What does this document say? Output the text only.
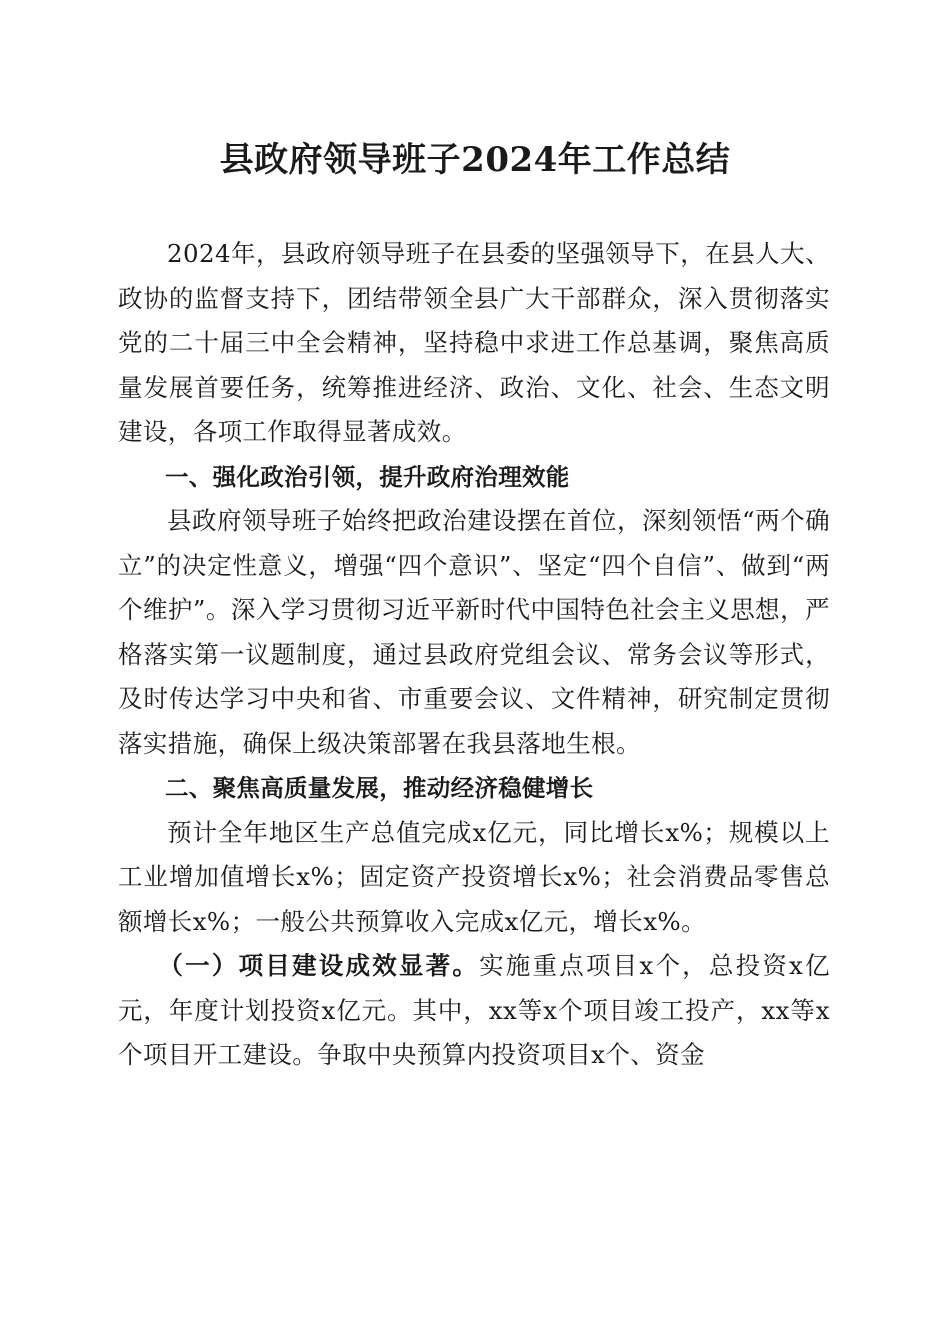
县政府领导班子2024年工作总结

2024年，县政府领导班子在县委的坚强领导下，在县人大、政协的监督支持下，团结带领全县广大干部群众，深入贯彻落实党的二十届三中全会精神，坚持稳中求进工作总基调，聚焦高质量发展首要任务，统筹推进经济、政治、文化、社会、生态文明建设，各项工作取得显著成效。

一、强化政治引领，提升政府治理效能

县政府领导班子始终把政治建设摆在首位，深刻领悟“两个确立”的决定性意义，增强“四个意识”、坚定“四个自信”、做到“两个维护”。深入学习贯彻习近平新时代中国特色社会主义思想，严格落实第一议题制度，通过县政府党组会议、常务会议等形式，及时传达学习中央和省、市重要会议、文件精神，研究制定贯彻落实措施，确保上级决策部署在我县落地生根。

二、聚焦高质量发展，推动经济稳健增长

预计全年地区生产总值完成x亿元，同比增长x%；规模以上工业增加值增长x%；固定资产投资增长x%；社会消费品零售总额增长x%；一般公共预算收入完成x亿元，增长x%。

（一）项目建设成效显著。实施重点项目x个，总投资x亿元，年度计划投资x亿元。其中，xx等x个项目竣工投产，xx等x个项目开工建设。争取中央预算内投资项目x个、资金
